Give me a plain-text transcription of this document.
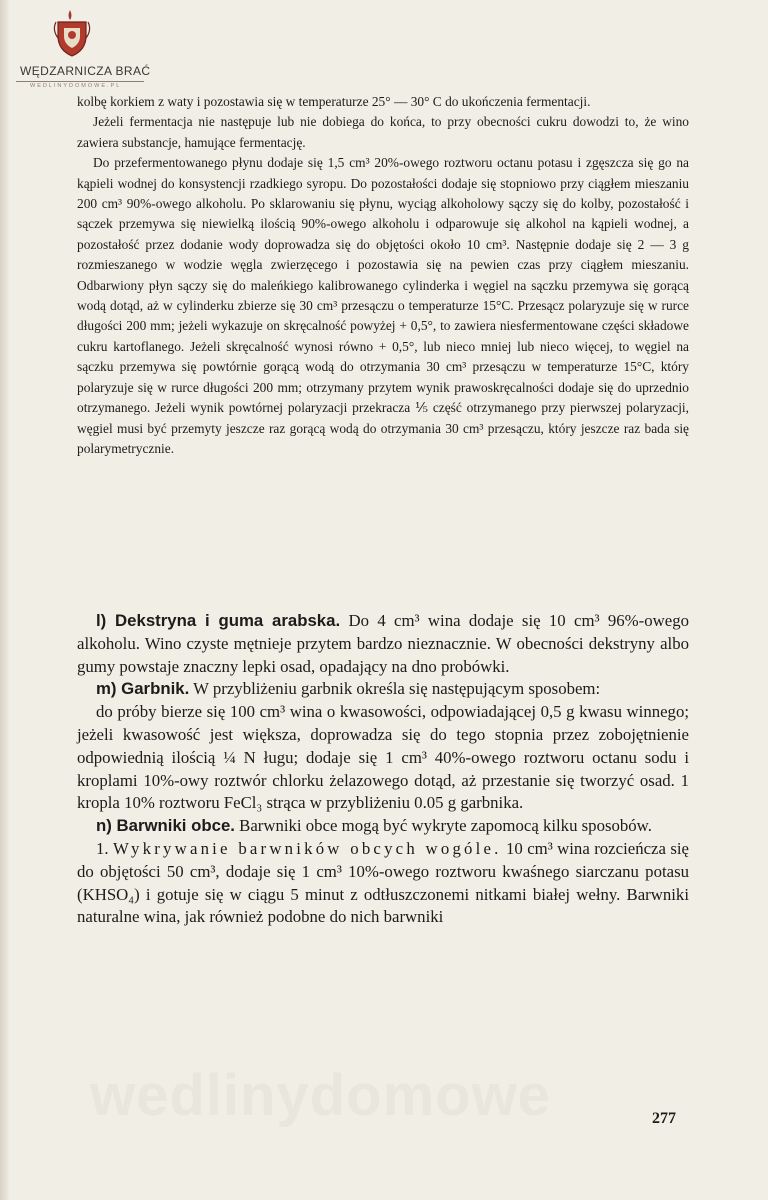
WĘDZARNICZA BRAĆ
WEDLINYDOMOWE.PL

kolbę korkiem z waty i pozostawia się w temperaturze 25° — 30° C do ukończenia fermentacji.

Jeżeli fermentacja nie następuje lub nie dobiega do końca, to przy obecności cukru dowodzi to, że wino zawiera substancje, hamujące fermentację.

Do przefermentowanego płynu dodaje się 1,5 cm³ 20%-owego roztworu octanu potasu i zgęszcza się go na kąpieli wodnej do konsystencji rzadkiego syropu. Do pozostałości dodaje się stopniowo przy ciągłem mieszaniu 200 cm³ 90%-owego alkoholu. Po sklarowaniu się płynu, wyciąg alkoholowy sączy się do kolby, pozostałość i sączek przemywa się niewielką ilością 90%-owego alkoholu i odparowuje się alkohol na kąpieli wodnej, a pozostałość przez dodanie wody doprowadza się do objętości około 10 cm³. Następnie dodaje się 2 — 3 g rozmieszanego w wodzie węgla zwierzęcego i pozostawia się na pewien czas przy ciągłem mieszaniu. Odbarwiony płyn sączy się do maleńkiego kalibrowanego cylinderka i węgiel na sączku przemywa się gorącą wodą dotąd, aż w cylinderku zbierze się 30 cm³ przesączu o temperaturze 15°C. Przesącz polaryzuje się w rurce długości 200 mm; jeżeli wykazuje on skręcalność powyżej + 0,5°, to zawiera niesfermentowane części składowe cukru kartoflanego. Jeżeli skręcalność wynosi równo + 0,5°, lub nieco mniej lub nieco więcej, to węgiel na sączku przemywa się powtórnie gorącą wodą do otrzymania 30 cm³ przesączu w temperaturze 15°C, który polaryzuje się w rurce długości 200 mm; otrzymany przytem wynik prawoskręcalności dodaje się do uprzednio otrzymanego. Jeżeli wynik powtórnej polaryzacji przekracza ⅕ część otrzymanego przy pierwszej polaryzacji, węgiel musi być przemyty jeszcze raz gorącą wodą do otrzymania 30 cm³ przesączu, który jeszcze raz bada się polarymetrycznie.

l) Dekstryna i guma arabska. Do 4 cm³ wina dodaje się 10 cm³ 96%-owego alkoholu. Wino czyste mętnieje przytem bardzo nieznacznie. W obecności dekstryny albo gumy powstaje znaczny lepki osad, opadający na dno probówki.

m) Garbnik. W przybliżeniu garbnik określa się następującym sposobem:

do próby bierze się 100 cm³ wina o kwasowości, odpowiadającej 0,5 g kwasu winnego; jeżeli kwasowość jest większa, doprowadza się do tego stopnia przez zobojętnienie odpowiednią ilością ¼ N ługu; dodaje się 1 cm³ 40%-owego roztworu octanu sodu i kroplami 10%-owy roztwór chlorku żelazowego dotąd, aż przestanie się tworzyć osad. 1 kropla 10% roztworu FeCl₃ strąca w przybliżeniu 0.05 g garbnika.

n) Barwniki obce. Barwniki obce mogą być wykryte zapomocą kilku sposobów.

1. Wykrywanie barwników obcych wogóle. 10 cm³ wina rozcieńcza się do objętości 50 cm³, dodaje się 1 cm³ 10%-owego roztworu kwaśnego siarczanu potasu (KHSO₄) i gotuje się w ciągu 5 minut z odtłuszczonemi nitkami białej wełny. Barwniki naturalne wina, jak również podobne do nich barwniki

wedlinydomowe	277
